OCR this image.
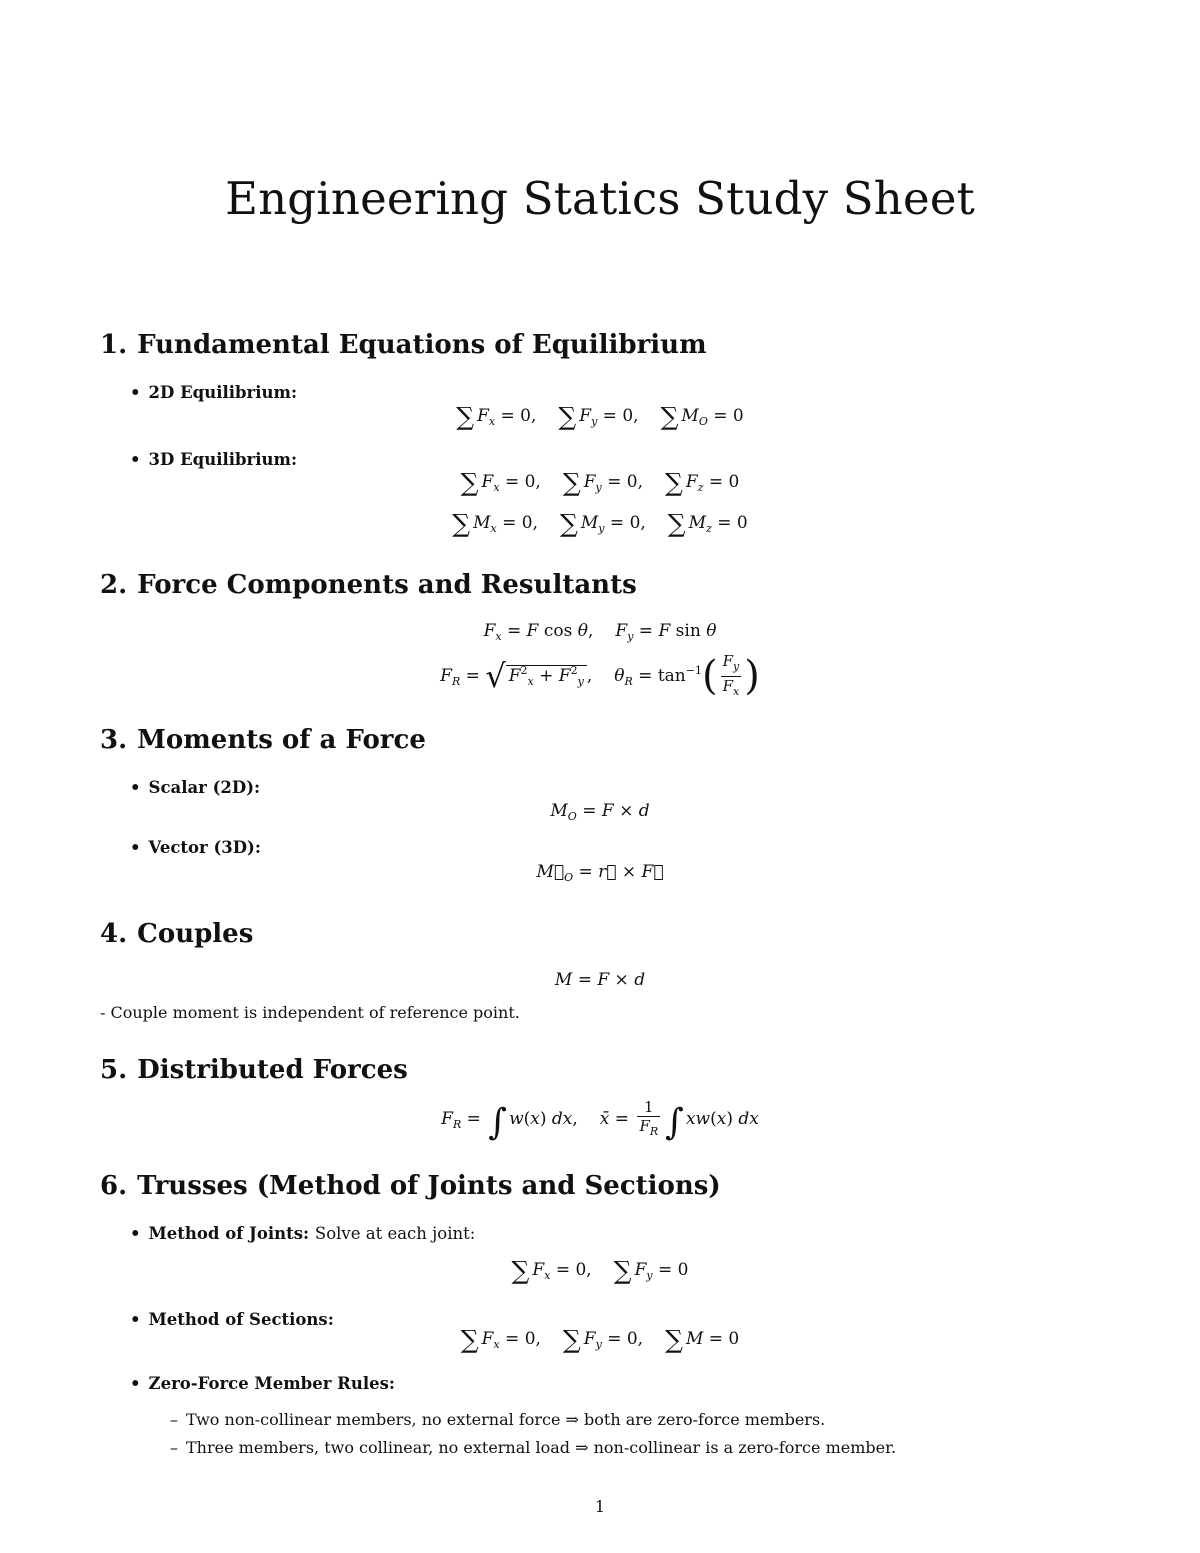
Engineering Statics Study Sheet
1. Fundamental Equations of Equilibrium
• 2D Equilibrium:
∑ $F_x = 0$, ∑ $F_y = 0$, ∑ $M_O = 0$
• 3D Equilibrium:
∑ $F_x = 0$, ∑ $F_y = 0$, ∑ $F_z = 0$
∑ $M_x = 0$, ∑ $M_y = 0$, ∑ $M_z = 0$
2. Force Components and Resultants
$F_x = F$ cos θ, $F_y = F$ sin θ
$F_R$ = √ $F^2_x + F^2_y$ , $\theta_R = \tan^{-1}( \frac{F_y}{F_x}$ )
3. Moments of a Force
• Scalar (2D):
$M_O = F \times d$
• Vector (3D):
$M⃗_O$ = r⃗ × F⃗
4. Couples
M = F × d
- Couple moment is independent of reference point.
5. Distributed Forces
$F_R$ = ∫ w(x) dx, x̄ = $\frac{1}{F_R}$ ∫ xw(x) dx
6. Trusses (Method of Joints and Sections)
• Method of Joints: Solve at each joint:
∑ $F_x = 0$, ∑ $F_y = 0$
• Method of Sections:
∑ $F_x = 0$, ∑ $F_y = 0$, ∑ M = 0
• Zero-Force Member Rules:
– Two non-collinear members, no external force ⇒ both are zero-force members.
– Three members, two collinear, no external load ⇒ non-collinear is a zero-force member.
1
